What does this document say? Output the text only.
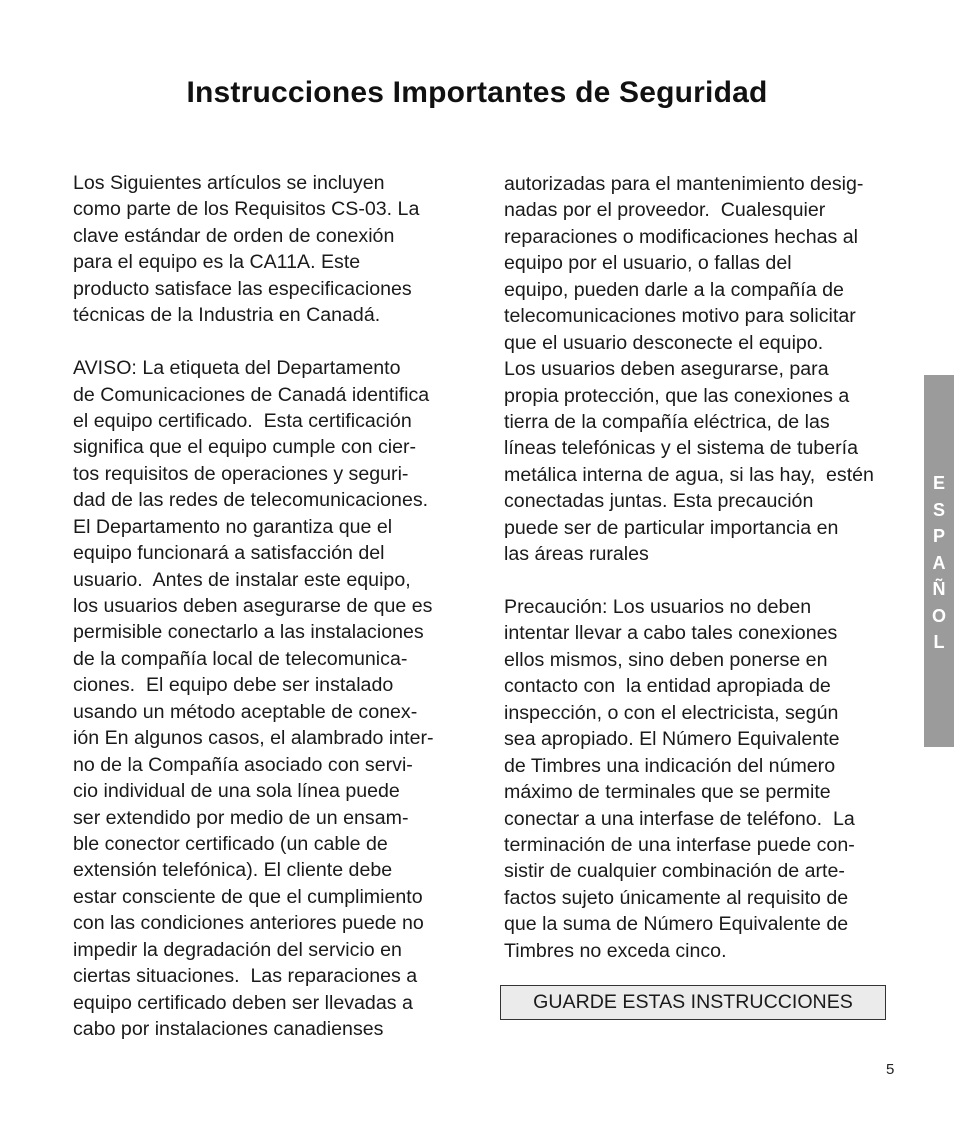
Instrucciones Importantes de Seguridad
Los Siguientes artículos se incluyen
como parte de los Requisitos CS-03. La
clave estándar de orden de conexión
para el equipo es la CA11A. Este
producto satisface las especificaciones
técnicas de la Industria en Canadá.
AVISO: La etiqueta del Departamento
de Comunicaciones de Canadá identifica
el equipo certificado.  Esta certificación
significa que el equipo cumple con cier-
tos requisitos de operaciones y seguri-
dad de las redes de telecomunicaciones.
El Departamento no garantiza que el
equipo funcionará a satisfacción del
usuario.  Antes de instalar este equipo,
los usuarios deben asegurarse de que es
permisible conectarlo a las instalaciones
de la compañía local de telecomunica-
ciones.  El equipo debe ser instalado
usando un método aceptable de conex-
ión En algunos casos, el alambrado inter-
no de la Compañía asociado con servi-
cio individual de una sola línea puede
ser extendido por medio de un ensam-
ble conector certificado (un cable de
extensión telefónica). El cliente debe
estar consciente de que el cumplimiento
con las condiciones anteriores puede no
impedir la degradación del servicio en
ciertas situaciones.  Las reparaciones a
equipo certificado deben ser llevadas a
cabo por instalaciones canadienses
autorizadas para el mantenimiento desig-
nadas por el proveedor.  Cualesquier
reparaciones o modificaciones hechas al
equipo por el usuario, o fallas del
equipo, pueden darle a la compañía de
telecomunicaciones motivo para solicitar
que el usuario desconecte el equipo.
Los usuarios deben asegurarse, para
propia protección, que las conexiones a
tierra de la compañía eléctrica, de las
líneas telefónicas y el sistema de tubería
metálica interna de agua, si las hay,  estén
conectadas juntas. Esta precaución
puede ser de particular importancia en
las áreas rurales
Precaución: Los usuarios no deben
intentar llevar a cabo tales conexiones
ellos mismos, sino deben ponerse en
contacto con  la entidad apropiada de
inspección, o con el electricista, según
sea apropiado. El Número Equivalente
de Timbres una indicación del número
máximo de terminales que se permite
conectar a una interfase de teléfono.  La
terminación de una interfase puede con-
sistir de cualquier combinación de arte-
factos sujeto únicamente al requisito de
que la suma de Número Equivalente de
Timbres no exceda cinco.
GUARDE ESTAS INSTRUCCIONES
E
S
P
A
Ñ
O
L
5
